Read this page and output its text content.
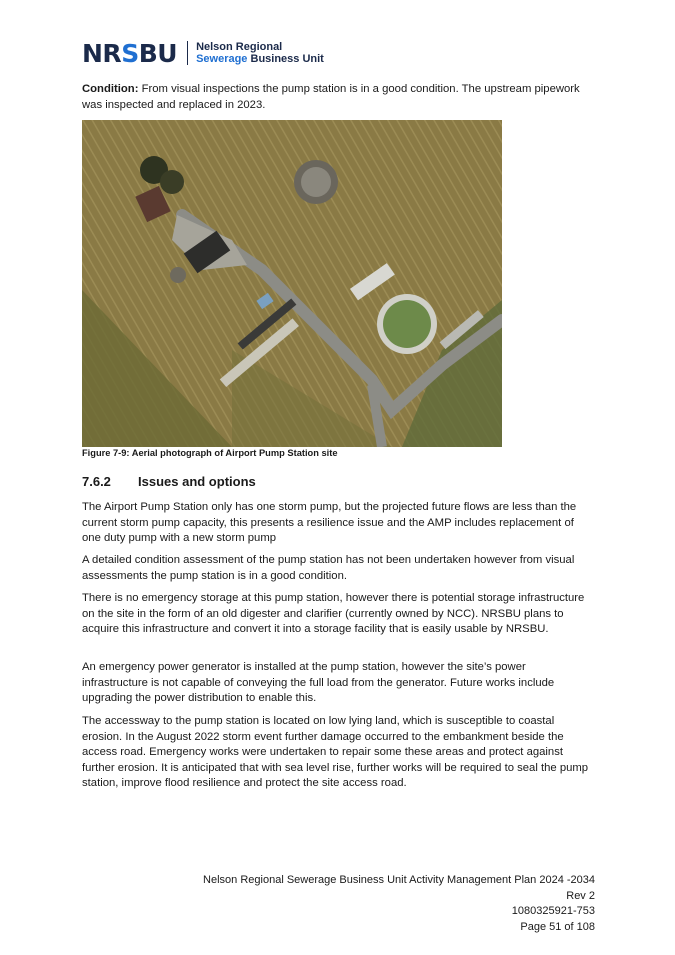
NRSBU Nelson Regional
Sewerage Business Unit

Condition: From visual inspections the pump station is in a good condition. The upstream pipework was inspected and replaced in 2023.

Figure 7-9: Aerial photograph of Airport Pump Station site
7.6.2 Issues and options

The Airport Pump Station only has one storm pump, but the projected future flows are less than the current storm pump capacity, this presents a resilience issue and the AMP includes replacement of one duty pump with a new storm pump

A detailed condition assessment of the pump station has not been undertaken however from visual assessments the pump station is in a good condition.

There is no emergency storage at this pump station, however there is potential storage infrastructure on the site in the form of an old digester and clarifier (currently owned by NCC). NRSBU plans to acquire this infrastructure and convert it into a storage facility that is easily usable by NRSBU.

An emergency power generator is installed at the pump station, however the site’s power infrastructure is not capable of conveying the full load from the generator. Future works include upgrading the power distribution to enable this.

The accessway to the pump station is located on low lying land, which is susceptible to coastal erosion. In the August 2022 storm event further damage occurred to the embankment beside the access road. Emergency works were undertaken to repair some these areas and protect against further erosion. It is anticipated that with sea level rise, further works will be required to seal the pump station, improve flood resilience and protect the site access road.

Nelson Regional Sewerage Business Unit Activity Management Plan 2024 -2034
Rev 2
1080325921-753
Page 51 of 108
